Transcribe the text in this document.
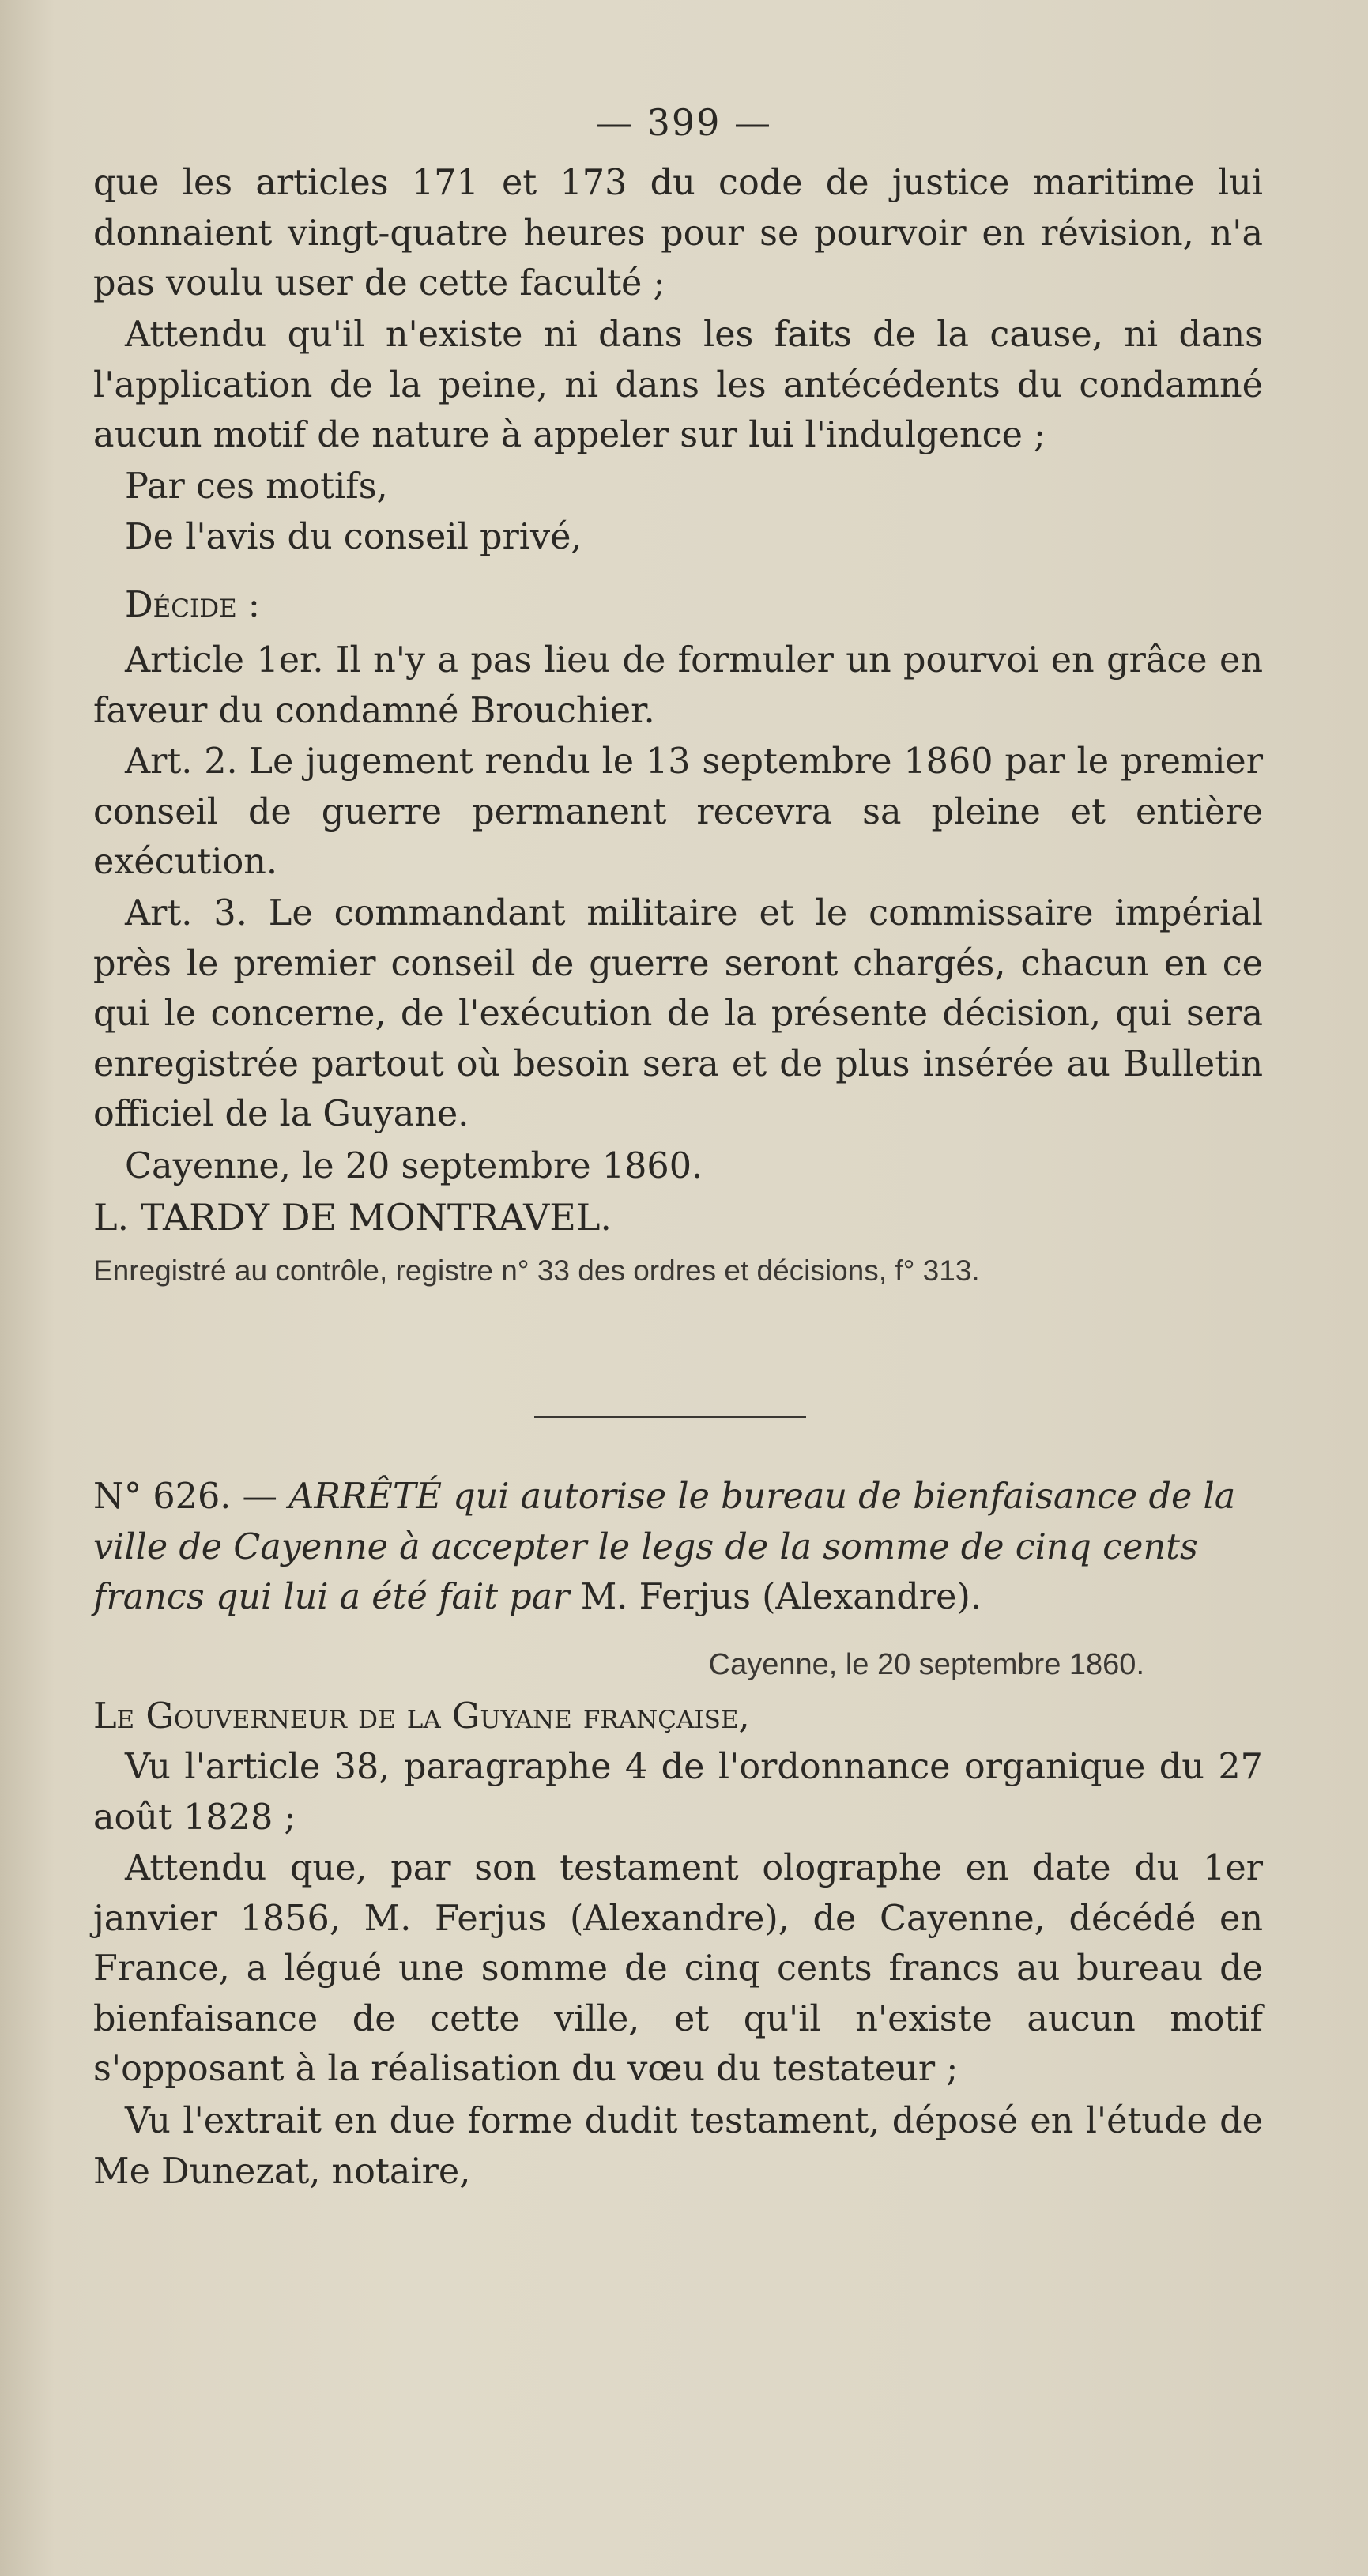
— 399 —

que les articles 171 et 173 du code de justice maritime lui donnaient vingt-quatre heures pour se pourvoir en révision, n'a pas voulu user de cette faculté ;

Attendu qu'il n'existe ni dans les faits de la cause, ni dans l'application de la peine, ni dans les antécédents du condamné aucun motif de nature à appeler sur lui l'indulgence ;

Par ces motifs,

De l'avis du conseil privé,

Décide :

Article 1er. Il n'y a pas lieu de formuler un pourvoi en grâce en faveur du condamné Brouchier.

Art. 2. Le jugement rendu le 13 septembre 1860 par le premier conseil de guerre permanent recevra sa pleine et entière exécution.

Art. 3. Le commandant militaire et le commissaire impérial près le premier conseil de guerre seront chargés, chacun en ce qui le concerne, de l'exécution de la présente décision, qui sera enregistrée partout où besoin sera et de plus insérée au Bulletin officiel de la Guyane.

Cayenne, le 20 septembre 1860.

L. TARDY DE MONTRAVEL.

Enregistré au contrôle, registre n° 33 des ordres et décisions, f° 313.

N° 626. — ARRÊTÉ qui autorise le bureau de bienfaisance de la ville de Cayenne à accepter le legs de la somme de cinq cents francs qui lui a été fait par M. Ferjus (Alexandre).

Cayenne, le 20 septembre 1860.

Le Gouverneur de la Guyane française,

Vu l'article 38, paragraphe 4 de l'ordonnance organique du 27 août 1828 ;

Attendu que, par son testament olographe en date du 1er janvier 1856, M. Ferjus (Alexandre), de Cayenne, décédé en France, a légué une somme de cinq cents francs au bureau de bienfaisance de cette ville, et qu'il n'existe aucun motif s'opposant à la réalisation du vœu du testateur ;

Vu l'extrait en due forme dudit testament, déposé en l'étude de Me Dunezat, notaire,
